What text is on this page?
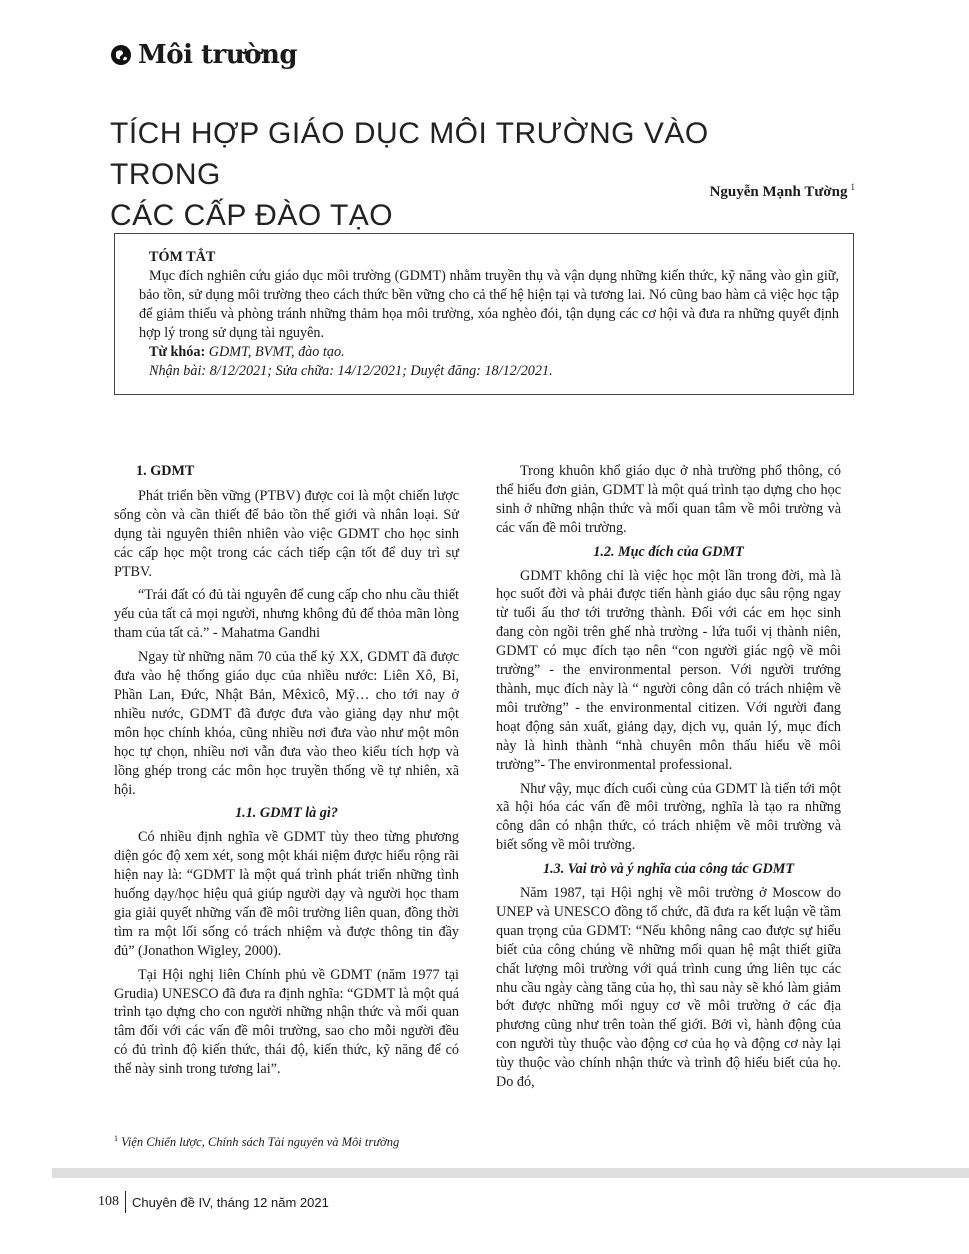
Môi trường
TÍCH HỢP GIÁO DỤC MÔI TRƯỜNG VÀO TRONG
CÁC CẤP ĐÀO TẠO
Nguyễn Mạnh Tường $^1$
TÓM TẮT

Mục đích nghiên cứu giáo dục môi trường (GDMT) nhằm truyền thụ và vận dụng những kiến thức, kỹ năng vào gìn giữ, bảo tồn, sử dụng môi trường theo cách thức bền vững cho cả thế hệ hiện tại và tương lai. Nó cũng bao hàm cả việc học tập để giảm thiểu và phòng tránh những thảm họa môi trường, xóa nghèo đói, tận dụng các cơ hội và đưa ra những quyết định hợp lý trong sử dụng tài nguyên.

Từ khóa: GDMT, BVMT, đào tạo.
Nhận bài: 8/12/2021; Sửa chữa: 14/12/2021; Duyệt đăng: 18/12/2021.
1. GDMT

Phát triển bền vững (PTBV) được coi là một chiến lược sống còn và cần thiết để bảo tồn thế giới và nhân loại. Sử dụng tài nguyên thiên nhiên vào việc GDMT cho học sinh các cấp học một trong các cách tiếp cận tốt để duy trì sự PTBV.

“Trái đất có đủ tài nguyên để cung cấp cho nhu cầu thiết yếu của tất cả mọi người, nhưng không đủ để thỏa mãn lòng tham của tất cả.” - Mahatma Gandhi

Ngay từ những năm 70 của thế kỷ XX, GDMT đã được đưa vào hệ thống giáo dục của nhiều nước: Liên Xô, Bỉ, Phần Lan, Đức, Nhật Bản, Mêxicô, Mỹ… cho tới nay ở nhiều nước, GDMT đã được đưa vào giảng dạy như một môn học chính khóa, cũng nhiều nơi đưa vào như một môn học tự chọn, nhiều nơi vẫn đưa vào theo kiểu tích hợp và lồng ghép trong các môn học truyền thống về tự nhiên, xã hội.

1.1. GDMT là gì?

Có nhiều định nghĩa về GDMT tùy theo từng phương diện góc độ xem xét, song một khái niệm được hiểu rộng rãi hiện nay là: “GDMT là một quá trình phát triển những tình huống dạy/học hiệu quả giúp người dạy và người học tham gia giải quyết những vấn đề môi trường liên quan, đồng thời tìm ra một lối sống có trách nhiệm và được thông tin đầy đủ” (Jonathon Wigley, 2000).

Tại Hội nghị liên Chính phủ về GDMT (năm 1977 tại Grudia) UNESCO đã đưa ra định nghĩa: “GDMT là một quá trình tạo dựng cho con người những nhận thức và mối quan tâm đối với các vấn đề môi trường, sao cho mỗi người đều có đủ trình độ kiến thức, thái độ, kiến thức, kỹ năng để có thể này sinh trong tương lai”.

Trong khuôn khổ giáo dục ở nhà trường phổ thông, có thể hiểu đơn giản, GDMT là một quá trình tạo dựng cho học sinh ở những nhận thức và mối quan tâm về môi trường và các vấn đề môi trường.

1.2. Mục đích của GDMT

GDMT không chỉ là việc học một lần trong đời, mà là học suốt đời và phải được tiến hành giáo dục sâu rộng ngay từ tuổi ấu thơ tới trưởng thành. Đối với các em học sinh đang còn ngồi trên ghế nhà trường - lứa tuổi vị thành niên, GDMT có mục đích tạo nên “con người giác ngộ về môi trường” - the environmental person. Với người trưởng thành, mục đích này là “ người công dân có trách nhiệm về môi trường” - the environmental citizen. Với người đang hoạt động sản xuất, giảng dạy, dịch vụ, quản lý, mục đích này là hình thành “nhà chuyên môn thấu hiểu về môi trường”- The environmental professional.

Như vậy, mục đích cuối cùng của GDMT là tiến tới một xã hội hóa các vấn đề môi trường, nghĩa là tạo ra những công dân có nhận thức, có trách nhiệm về môi trường và biết sống về môi trường.

1.3. Vai trò và ý nghĩa của công tác GDMT

Năm 1987, tại Hội nghị về môi trường ở Moscow do UNEP và UNESCO đồng tổ chức, đã đưa ra kết luận về tầm quan trọng của GDMT: “Nếu không nâng cao được sự hiểu biết của công chúng về những mối quan hệ mật thiết giữa chất lượng môi trường với quá trình cung ứng liên tục các nhu cầu ngày càng tăng của họ, thì sau này sẽ khó làm giảm bớt được những mối nguy cơ về môi trường ở các địa phương cũng như trên toàn thế giới. Bởi vì, hành động của con người tùy thuộc vào động cơ của họ và động cơ này lại tùy thuộc vào chính nhận thức và trình độ hiểu biết của họ. Do đó,

$^1$ Viện Chiến lược, Chính sách Tài nguyên và Môi trường
108	Chuyên đề IV, tháng 12 năm 2021
